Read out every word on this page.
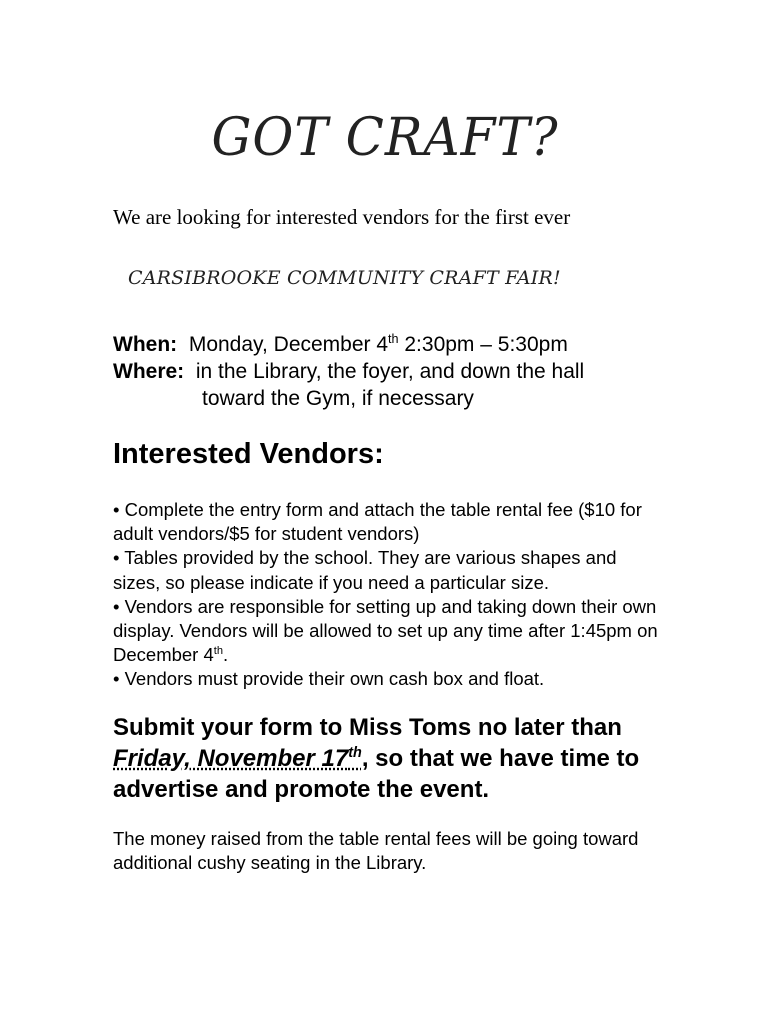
GOT CRAFT?
We are looking for interested vendors for the first ever
CARSIBROOKE COMMUNITY CRAFT FAIR!
When: Monday, December 4th 2:30pm – 5:30pm
Where: in the Library, the foyer, and down the hall
toward the Gym, if necessary
Interested Vendors:

• Complete the entry form and attach the table rental fee ($10 for adult vendors/$5 for student vendors)

• Tables provided by the school. They are various shapes and sizes, so please indicate if you need a particular size.

• Vendors are responsible for setting up and taking down their own display. Vendors will be allowed to set up any time after 1:45pm on December 4th.

• Vendors must provide their own cash box and float.

Submit your form to Miss Toms no later than Friday, November 17th, so that we have time to advertise and promote the event.
The money raised from the table rental fees will be going toward additional cushy seating in the Library.
